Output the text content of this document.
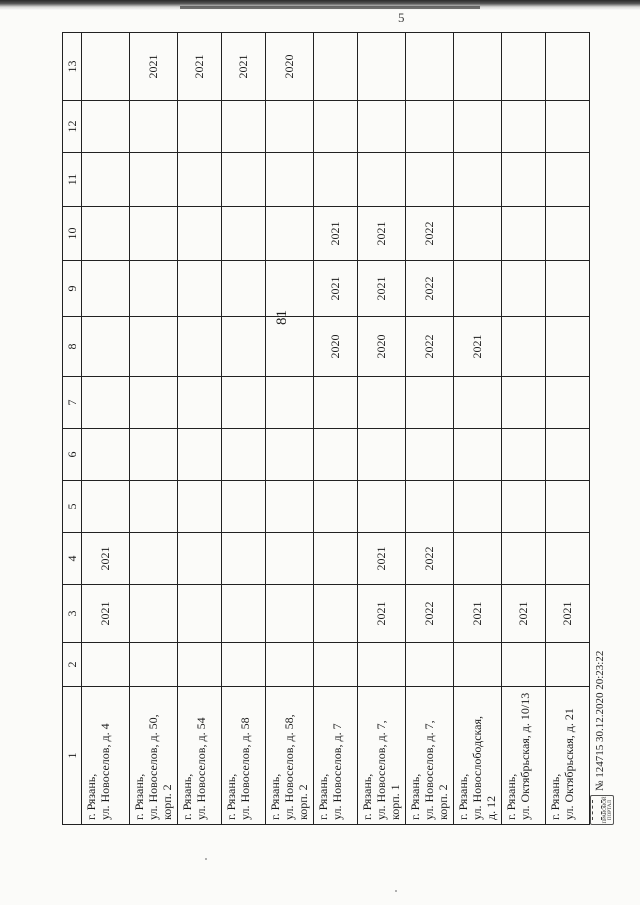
5
1	2	3	4	5	6	7	8	9	10	11	12	13
г. Рязань,
ул. Новоселов, д. 4		2021	2021									
г. Рязань,
ул. Новоселов, д. 50,
корп. 2												2021
г. Рязань,
ул. Новоселов, д. 54												2021
г. Рязань,
ул. Новоселов, д. 58												2021
г. Рязань,
ул. Новоселов, д. 58,
корп. 2												2020
г. Рязань,
ул. Новоселов, д. 7							2020	2021	2021			
г. Рязань,
ул. Новоселов, д. 7,
корп. 1		2021	2021				2020	2021	2021			
г. Рязань,
ул. Новоселов, д. 7,
корп. 2		2022	2022				2022	2022	2022			
г. Рязань,
ул. Новослободская,
д. 12		2021					2021					
г. Рязань,
ул. Октябрьская, д. 10/13		2021										
г. Рязань,
ул. Октябрьская, д. 21		2021										
81
ПРАВОВОЙ ПОРТАЛ
№ 124715 30.12.2020 20:23:22
